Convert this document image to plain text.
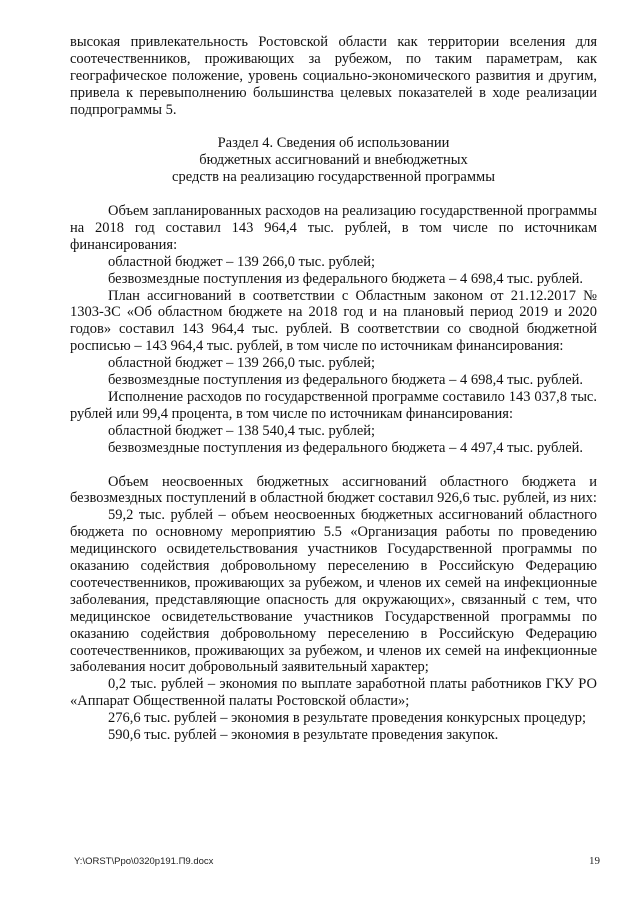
высокая привлекательность Ростовской области как территории вселения для соотечественников, проживающих за рубежом, по таким параметрам, как географическое положение, уровень социально-экономического развития и другим, привела к перевыполнению большинства целевых показателей в ходе реализации подпрограммы 5.

Раздел 4. Сведения об использовании

бюджетных ассигнований и внебюджетных

средств на реализацию государственной программы

Объем запланированных расходов на реализацию государственной программы на 2018 год составил 143 964,4 тыс. рублей, в том числе по источникам финансирования:

областной бюджет – 139 266,0 тыс. рублей;

безвозмездные поступления из федерального бюджета – 4 698,4 тыс. рублей.

План ассигнований в соответствии с Областным законом от 21.12.2017 № 1303-ЗС «Об областном бюджете на 2018 год и на плановый период 2019 и 2020 годов» составил 143 964,4 тыс. рублей. В соответствии со сводной бюджетной росписью – 143 964,4 тыс. рублей, в том числе по источникам финансирования:

областной бюджет – 139 266,0 тыс. рублей;

безвозмездные поступления из федерального бюджета – 4 698,4 тыс. рублей.

Исполнение расходов по государственной программе составило 143 037,8 тыс. рублей или 99,4 процента, в том числе по источникам финансирования:

областной бюджет – 138 540,4 тыс. рублей;

безвозмездные поступления из федерального бюджета – 4 497,4 тыс. рублей.

Объем неосвоенных бюджетных ассигнований областного бюджета и безвозмездных поступлений в областной бюджет составил 926,6 тыс. рублей, из них:

59,2 тыс. рублей – объем неосвоенных бюджетных ассигнований областного бюджета по основному мероприятию 5.5 «Организация работы по проведению медицинского освидетельствования участников Государственной программы по оказанию содействия добровольному переселению в Российскую Федерацию соотечественников, проживающих за рубежом, и членов их семей на инфекционные заболевания, представляющие опасность для окружающих», связанный с тем, что медицинское освидетельствование участников Государственной программы по оказанию содействия добровольному переселению в Российскую Федерацию соотечественников, проживающих за рубежом, и членов их семей на инфекционные заболевания носит добровольный заявительный характер;

0,2 тыс. рублей – экономия по выплате заработной платы работников ГКУ РО «Аппарат Общественной палаты Ростовской области»;

276,6 тыс. рублей – экономия в результате проведения конкурсных процедур;

590,6 тыс. рублей – экономия в результате проведения закупок.

Y:\ORST\Ppo\0320p191.П9.docx	19
